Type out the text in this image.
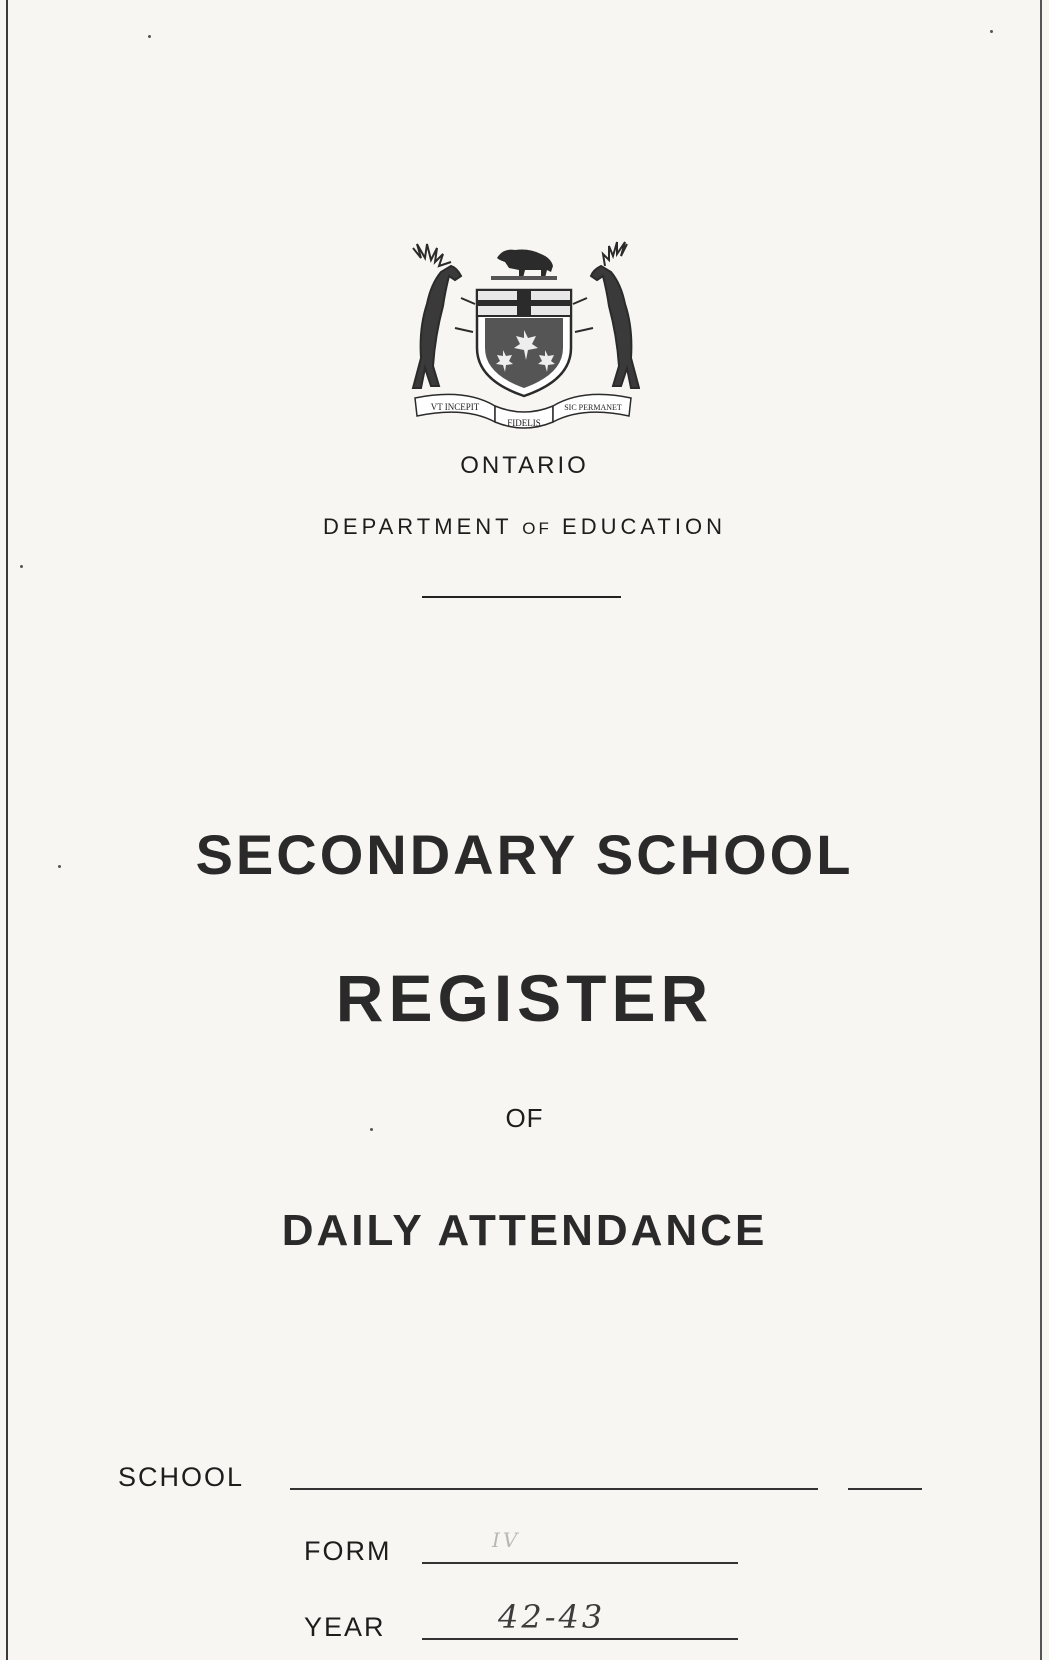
VT INCEPIT
FIDELIS
SIC PERMANET
ONTARIO
DEPARTMENT OF EDUCATION
SECONDARY SCHOOL
REGISTER
OF
DAILY ATTENDANCE
SCHOOL
FORM	IV
YEAR	42-43
